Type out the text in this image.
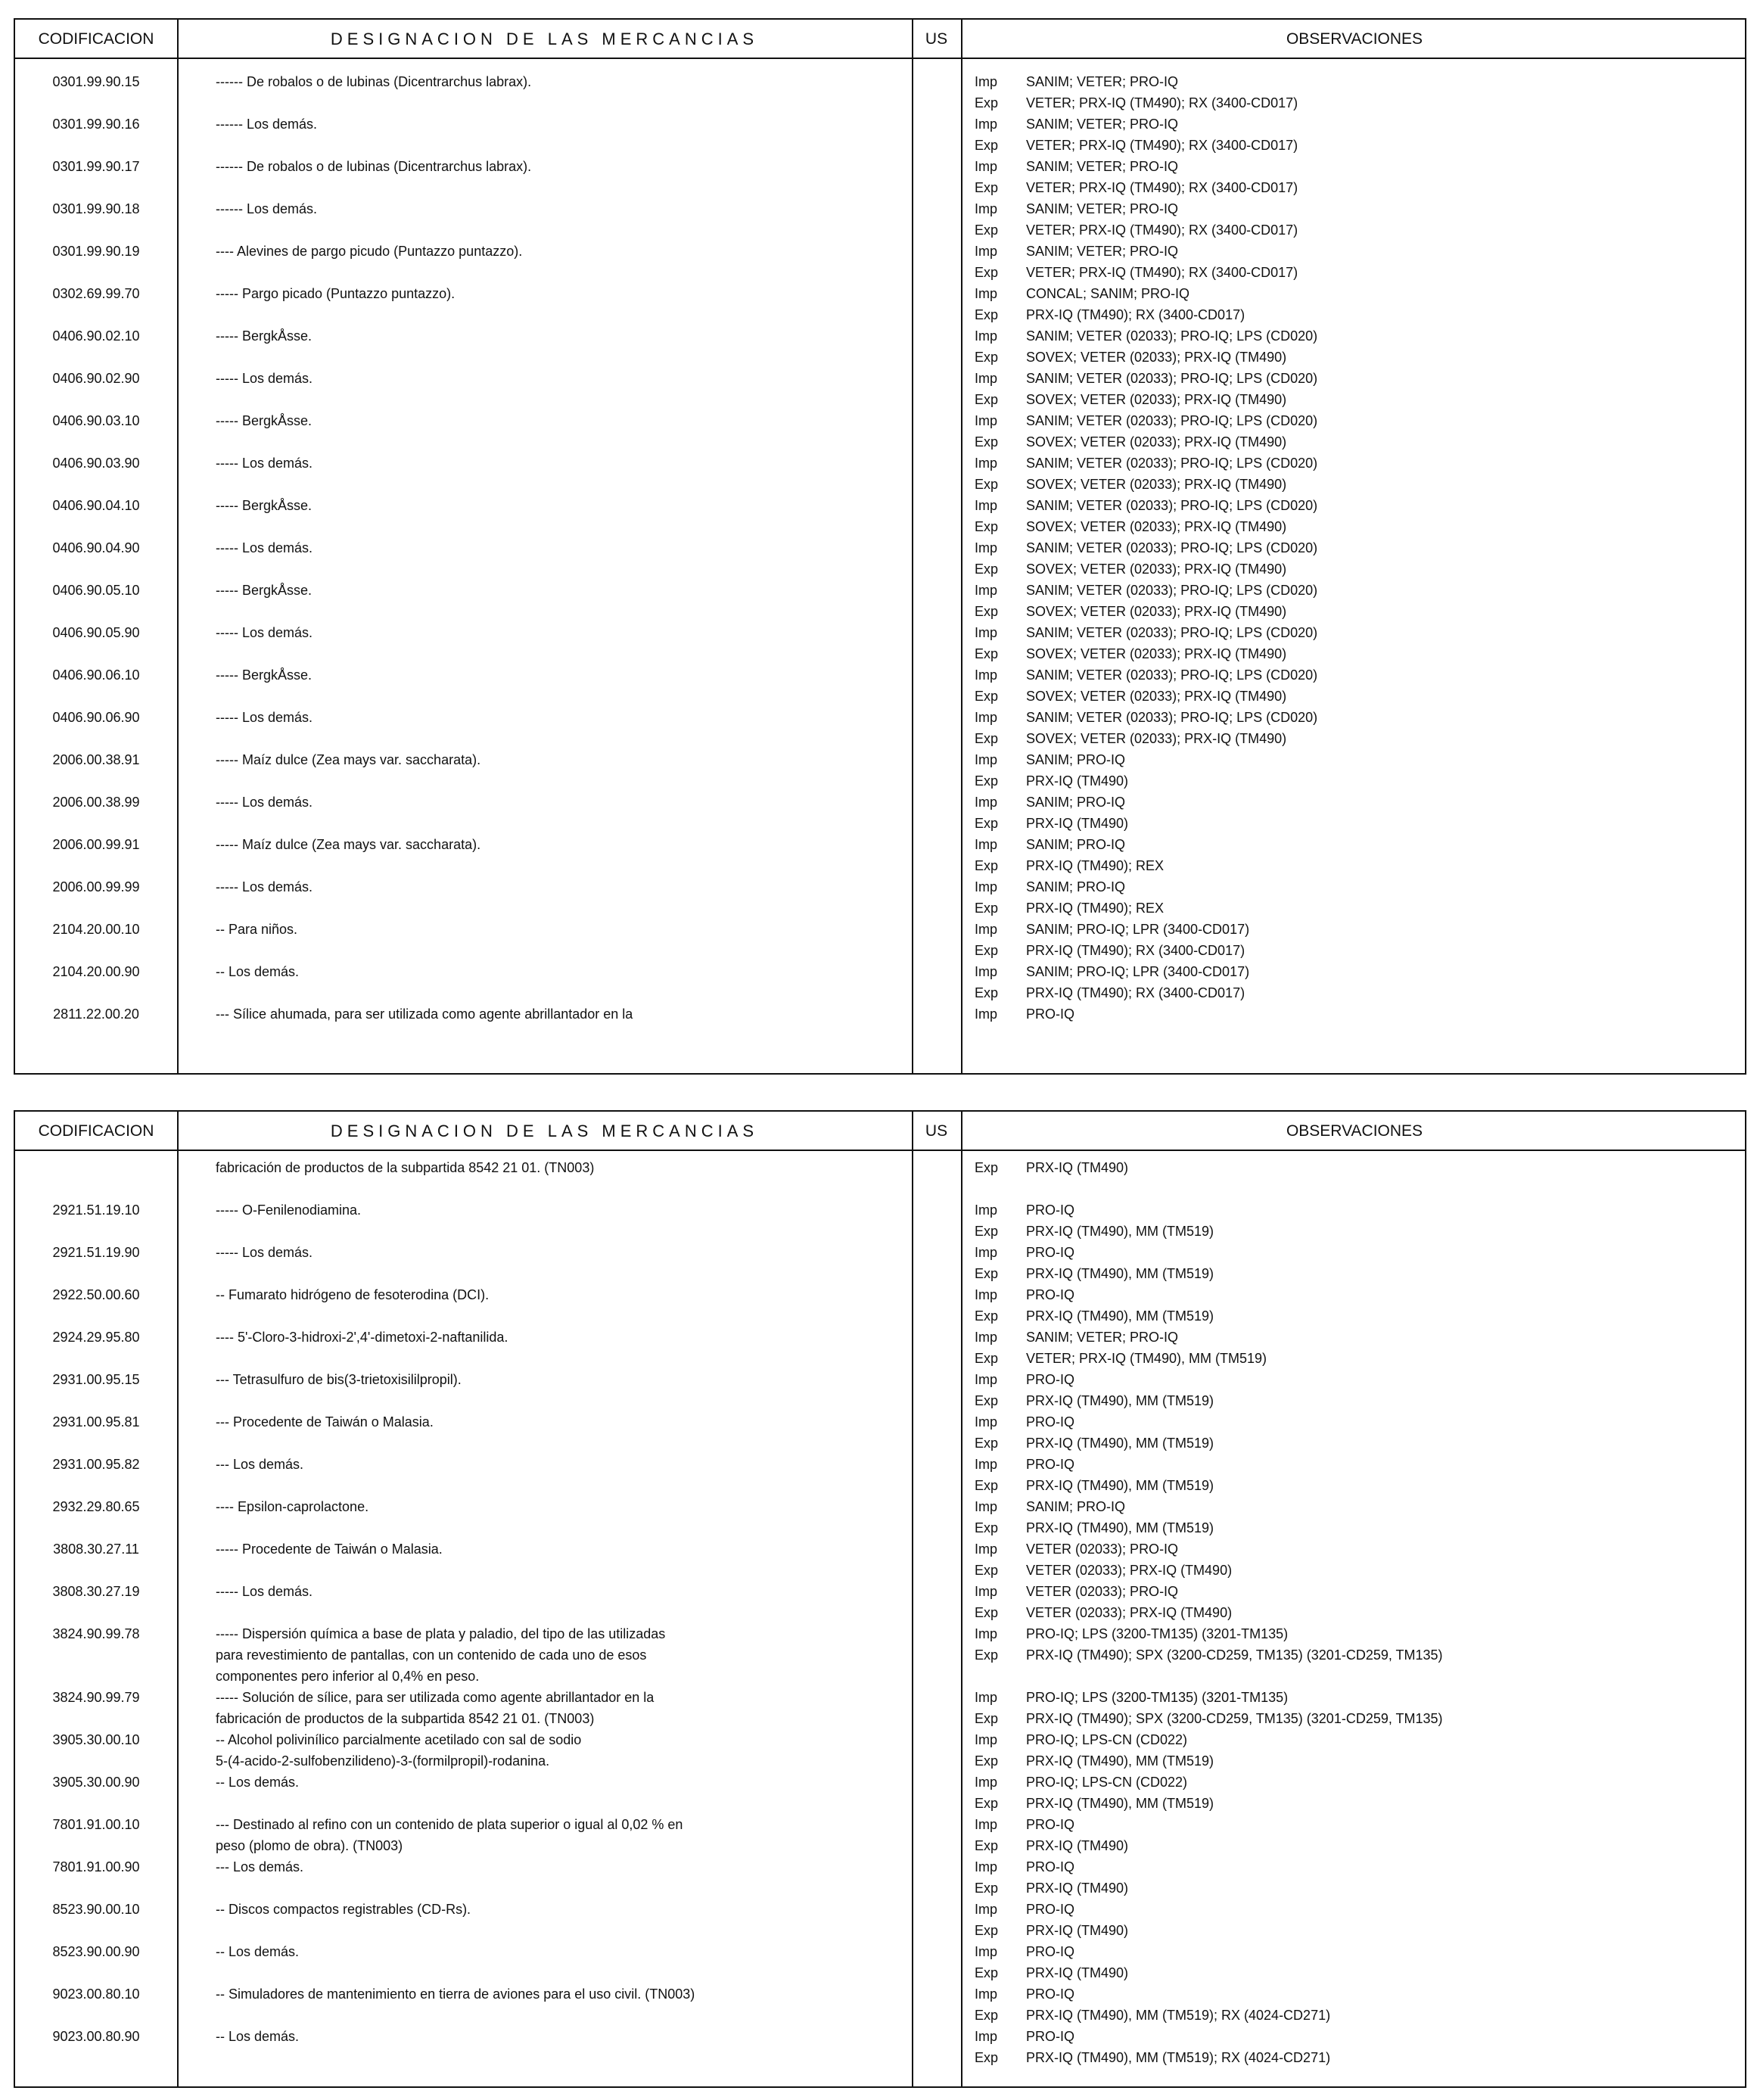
CODIFICACION	DESIGNACION DE LAS MERCANCIAS	US	OBSERVACIONES
0301.99.90.15	------ De robalos o de lubinas (Dicentrarchus labrax).	Imp SANIM; VETER; PRO-IQ
Exp VETER; PRX-IQ (TM490); RX (3400-CD017)
0301.99.90.16	------ Los demás.	Imp SANIM; VETER; PRO-IQ
Exp VETER; PRX-IQ (TM490); RX (3400-CD017)
0301.99.90.17	------ De robalos o de lubinas (Dicentrarchus labrax).	Imp SANIM; VETER; PRO-IQ
Exp VETER; PRX-IQ (TM490); RX (3400-CD017)
0301.99.90.18	------ Los demás.	Imp SANIM; VETER; PRO-IQ
Exp VETER; PRX-IQ (TM490); RX (3400-CD017)
0301.99.90.19	---- Alevines de pargo picudo (Puntazzo puntazzo).	Imp SANIM; VETER; PRO-IQ
Exp VETER; PRX-IQ (TM490); RX (3400-CD017)
0302.69.99.70	----- Pargo picado (Puntazzo puntazzo).	Imp CONCAL; SANIM; PRO-IQ
Exp PRX-IQ (TM490); RX (3400-CD017)
0406.90.02.10	----- BergkÅsse.	Imp SANIM; VETER (02033); PRO-IQ; LPS (CD020)
Exp SOVEX; VETER (02033); PRX-IQ (TM490)
0406.90.02.90	----- Los demás.	Imp SANIM; VETER (02033); PRO-IQ; LPS (CD020)
Exp SOVEX; VETER (02033); PRX-IQ (TM490)
0406.90.03.10	----- BergkÅsse.	Imp SANIM; VETER (02033); PRO-IQ; LPS (CD020)
Exp SOVEX; VETER (02033); PRX-IQ (TM490)
0406.90.03.90	----- Los demás.	Imp SANIM; VETER (02033); PRO-IQ; LPS (CD020)
Exp SOVEX; VETER (02033); PRX-IQ (TM490)
0406.90.04.10	----- BergkÅsse.	Imp SANIM; VETER (02033); PRO-IQ; LPS (CD020)
Exp SOVEX; VETER (02033); PRX-IQ (TM490)
0406.90.04.90	----- Los demás.	Imp SANIM; VETER (02033); PRO-IQ; LPS (CD020)
Exp SOVEX; VETER (02033); PRX-IQ (TM490)
0406.90.05.10	----- BergkÅsse.	Imp SANIM; VETER (02033); PRO-IQ; LPS (CD020)
Exp SOVEX; VETER (02033); PRX-IQ (TM490)
0406.90.05.90	----- Los demás.	Imp SANIM; VETER (02033); PRO-IQ; LPS (CD020)
Exp SOVEX; VETER (02033); PRX-IQ (TM490)
0406.90.06.10	----- BergkÅsse.	Imp SANIM; VETER (02033); PRO-IQ; LPS (CD020)
Exp SOVEX; VETER (02033); PRX-IQ (TM490)
0406.90.06.90	----- Los demás.	Imp SANIM; VETER (02033); PRO-IQ; LPS (CD020)
Exp SOVEX; VETER (02033); PRX-IQ (TM490)
2006.00.38.91	----- Maíz dulce (Zea mays var. saccharata).	Imp SANIM; PRO-IQ
Exp PRX-IQ (TM490)
2006.00.38.99	----- Los demás.	Imp SANIM; PRO-IQ
Exp PRX-IQ (TM490)
2006.00.99.91	----- Maíz dulce (Zea mays var. saccharata).	Imp SANIM; PRO-IQ
Exp PRX-IQ (TM490); REX
2006.00.99.99	----- Los demás.	Imp SANIM; PRO-IQ
Exp PRX-IQ (TM490); REX
2104.20.00.10	-- Para niños.	Imp SANIM; PRO-IQ; LPR (3400-CD017)
Exp PRX-IQ (TM490); RX (3400-CD017)
2104.20.00.90	-- Los demás.	Imp SANIM; PRO-IQ; LPR (3400-CD017)
Exp PRX-IQ (TM490); RX (3400-CD017)
2811.22.00.20	--- Sílice ahumada, para ser utilizada como agente abrillantador en la	Imp PRO-IQ
CODIFICACION	DESIGNACION DE LAS MERCANCIAS	US	OBSERVACIONES
fabricación de productos de la subpartida 8542 21 01. (TN003)	Exp PRX-IQ (TM490)
2921.51.19.10	----- O-Fenilenodiamina.	Imp PRO-IQ
Exp PRX-IQ (TM490), MM (TM519)
2921.51.19.90	----- Los demás.	Imp PRO-IQ
Exp PRX-IQ (TM490), MM (TM519)
2922.50.00.60	-- Fumarato hidrógeno de fesoterodina (DCI).	Imp PRO-IQ
Exp PRX-IQ (TM490), MM (TM519)
2924.29.95.80	---- 5'-Cloro-3-hidroxi-2',4'-dimetoxi-2-naftanilida.	Imp SANIM; VETER; PRO-IQ
Exp VETER; PRX-IQ (TM490), MM (TM519)
2931.00.95.15	--- Tetrasulfuro de bis(3-trietoxisililpropil).	Imp PRO-IQ
Exp PRX-IQ (TM490), MM (TM519)
2931.00.95.81	--- Procedente de Taiwán o Malasia.	Imp PRO-IQ
Exp PRX-IQ (TM490), MM (TM519)
2931.00.95.82	--- Los demás.	Imp PRO-IQ
Exp PRX-IQ (TM490), MM (TM519)
2932.29.80.65	---- Epsilon-caprolactone.	Imp SANIM; PRO-IQ
Exp PRX-IQ (TM490), MM (TM519)
3808.30.27.11	----- Procedente de Taiwán o Malasia.	Imp VETER (02033); PRO-IQ
Exp VETER (02033); PRX-IQ (TM490)
3808.30.27.19	----- Los demás.	Imp VETER (02033); PRO-IQ
Exp VETER (02033); PRX-IQ (TM490)
3824.90.99.78	----- Dispersión química a base de plata y paladio, del tipo de las utilizadas
para revestimiento de pantallas, con un contenido de cada uno de esos
componentes pero inferior al 0,4% en peso.
Imp PRO-IQ; LPS (3200-TM135) (3201-TM135)
Exp PRX-IQ (TM490); SPX (3200-CD259, TM135) (3201-CD259, TM135)
3824.90.99.79	----- Solución de sílice, para ser utilizada como agente abrillantador en la
fabricación de productos de la subpartida 8542 21 01. (TN003)
Imp PRO-IQ; LPS (3200-TM135) (3201-TM135)
Exp PRX-IQ (TM490); SPX (3200-CD259, TM135) (3201-CD259, TM135)
3905.30.00.10	-- Alcohol polivinílico parcialmente acetilado con sal de sodio
5-(4-acido-2-sulfobenzilideno)-3-(formilpropil)-rodanina.
Imp PRO-IQ; LPS-CN (CD022)
Exp PRX-IQ (TM490), MM (TM519)
3905.30.00.90	-- Los demás.	Imp PRO-IQ; LPS-CN (CD022)
Exp PRX-IQ (TM490), MM (TM519)
7801.91.00.10	--- Destinado al refino con un contenido de plata superior o igual al 0,02 % en
peso (plomo de obra). (TN003)
Imp PRO-IQ
Exp PRX-IQ (TM490)
7801.91.00.90	--- Los demás.	Imp PRO-IQ
Exp PRX-IQ (TM490)
8523.90.00.10	-- Discos compactos registrables (CD-Rs).	Imp PRO-IQ
Exp PRX-IQ (TM490)
8523.90.00.90	-- Los demás.	Imp PRO-IQ
Exp PRX-IQ (TM490)
9023.00.80.10	-- Simuladores de mantenimiento en tierra de aviones para el uso civil. (TN003)	Imp PRO-IQ
Exp PRX-IQ (TM490), MM (TM519); RX (4024-CD271)
9023.00.80.90	-- Los demás.	Imp PRO-IQ
Exp PRX-IQ (TM490), MM (TM519); RX (4024-CD271)
